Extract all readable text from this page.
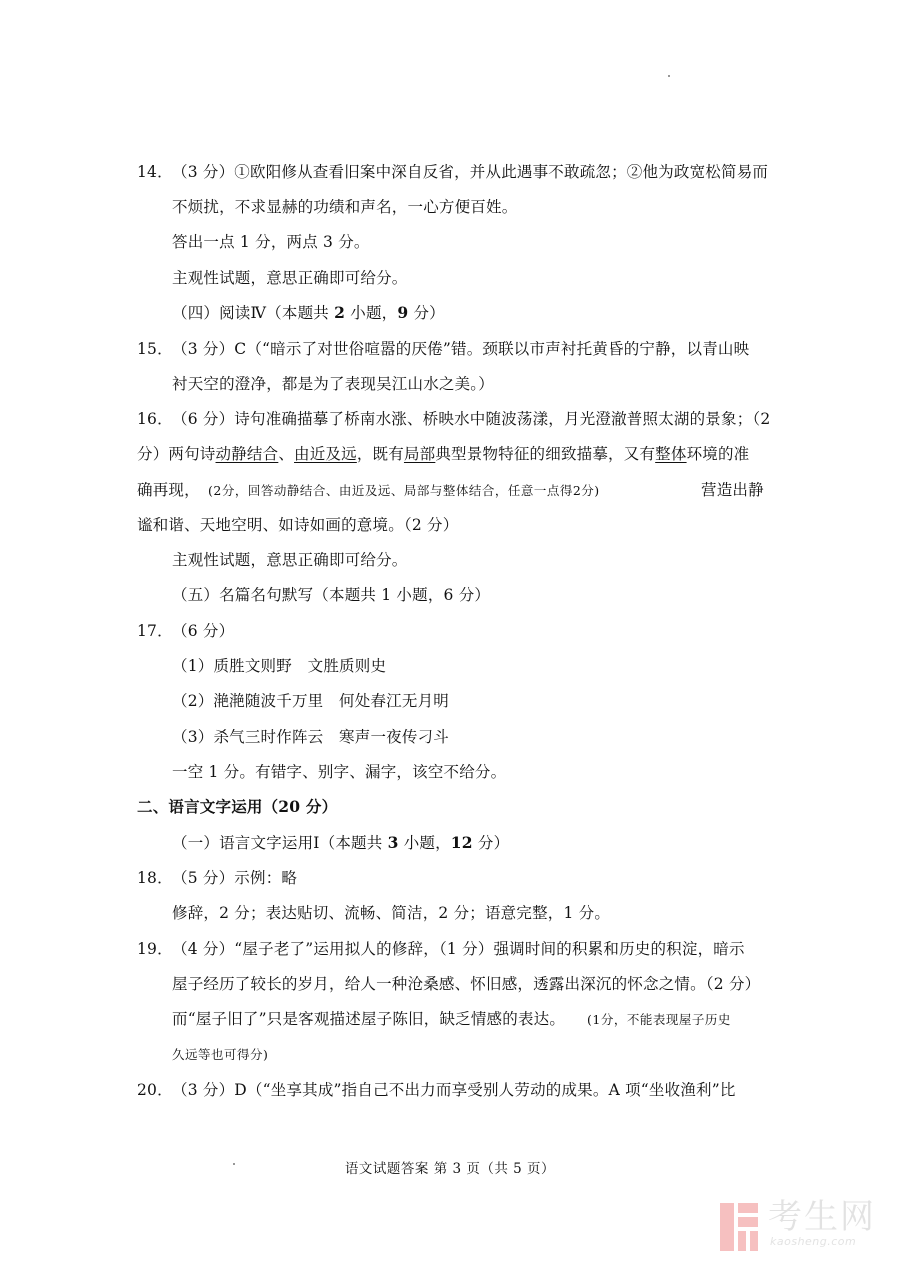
14． （3 分）①欧阳修从查看旧案中深自反省，并从此遇事不敢疏忽；②他为政宽松简易而
不烦扰，不求显赫的功绩和声名，一心方便百姓。
答出一点 1 分，两点 3 分。
主观性试题，意思正确即可给分。
（四）阅读Ⅳ（本题共 2 小题，9 分）
15． （3 分）C（“暗示了对世俗喧嚣的厌倦”错。颈联以市声衬托黄昏的宁静，以青山映
衬天空的澄净，都是为了表现吴江山水之美。）
16． （6 分）诗句准确描摹了桥南水涨、桥映水中随波荡漾，月光澄澈普照太湖的景象；（2
分）两句诗动静结合、由近及远，既有局部典型景物特征的细致描摹，又有整体环境的准
确再现， (2分，回答动静结合、由近及远、局部与整体结合，任意一点得2分)	营造出静
谧和谐、天地空明、如诗如画的意境。（2 分）
主观性试题，意思正确即可给分。
（五）名篇名句默写（本题共 1 小题，6 分）
17． （6 分）
（1）质胜文则野　文胜质则史
（2）滟滟随波千万里　何处春江无月明
（3）杀气三时作阵云　寒声一夜传刁斗
一空 1 分。有错字、别字、漏字，该空不给分。
二、语言文字运用（20 分）
（一）语言文字运用Ⅰ（本题共 3 小题，12 分）
18． （5 分）示例：略
修辞，2 分；表达贴切、流畅、简洁，2 分；语意完整，1 分。
19． （4 分）“屋子老了”运用拟人的修辞，（1 分）强调时间的积累和历史的积淀，暗示
屋子经历了较长的岁月，给人一种沧桑感、怀旧感，透露出深沉的怀念之情。（2 分）
而“屋子旧了”只是客观描述屋子陈旧，缺乏情感的表达。 (1分，不能表现屋子历史
久远等也可得分)
20． （3 分）D（“坐享其成”指自己不出力而享受别人劳动的成果。A 项“坐收渔利”比
语文试题答案 第 3 页（共 5 页）
考生网
kaosheng.com
